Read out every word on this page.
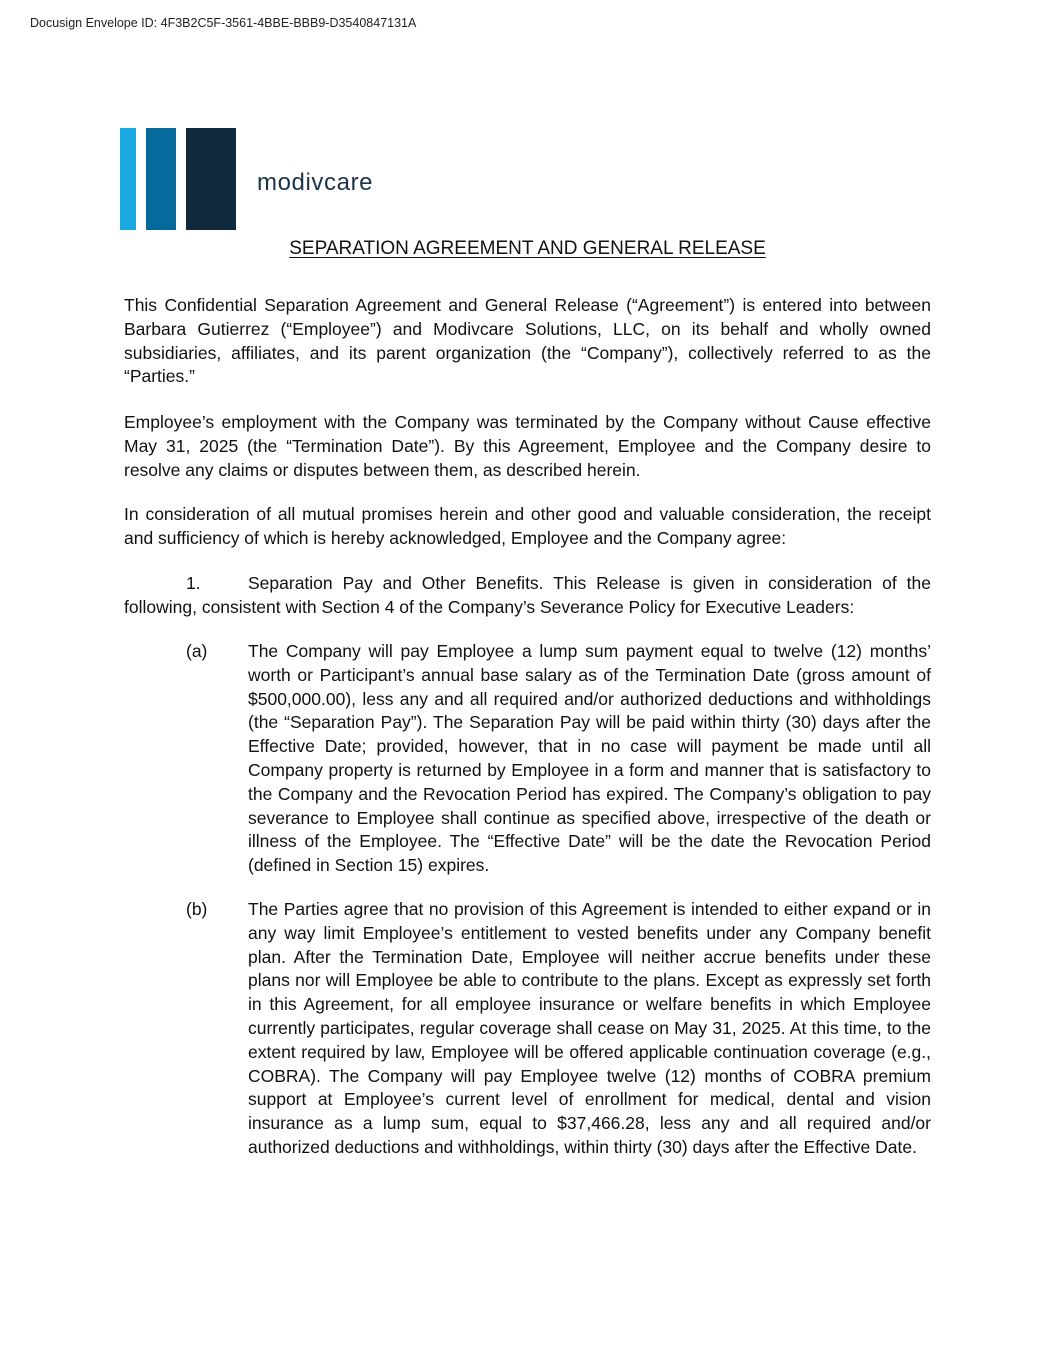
Docusign Envelope ID: 4F3B2C5F-3561-4BBE-BBB9-D3540847131A
modivcare
SEPARATION AGREEMENT AND GENERAL RELEASE

This Confidential Separation Agreement and General Release (“Agreement”) is entered into between Barbara Gutierrez (“Employee”) and Modivcare Solutions, LLC, on its behalf and wholly owned subsidiaries, affiliates, and its parent organization (the “Company”), collectively referred to as the “Parties.”

Employee’s employment with the Company was terminated by the Company without Cause effective May 31, 2025 (the “Termination Date”). By this Agreement, Employee and the Company desire to resolve any claims or disputes between them, as described herein.

In consideration of all mutual promises herein and other good and valuable consideration, the receipt and sufficiency of which is hereby acknowledged, Employee and the Company agree:

1.	Separation Pay and Other Benefits. This Release is given in consideration of the following, consistent with Section 4 of the Company’s Severance Policy for Executive Leaders:

(a) The Company will pay Employee a lump sum payment equal to twelve (12) months’ worth or Participant’s annual base salary as of the Termination Date (gross amount of $500,000.00), less any and all required and/or authorized deductions and withholdings (the “Separation Pay”). The Separation Pay will be paid within thirty (30) days after the Effective Date; provided, however, that in no case will payment be made until all Company property is returned by Employee in a form and manner that is satisfactory to the Company and the Revocation Period has expired. The Company’s obligation to pay severance to Employee shall continue as specified above, irrespective of the death or illness of the Employee. The “Effective Date” will be the date the Revocation Period (defined in Section 15) expires.

(b) The Parties agree that no provision of this Agreement is intended to either expand or in any way limit Employee’s entitlement to vested benefits under any Company benefit plan. After the Termination Date, Employee will neither accrue benefits under these plans nor will Employee be able to contribute to the plans. Except as expressly set forth in this Agreement, for all employee insurance or welfare benefits in which Employee currently participates, regular coverage shall cease on May 31, 2025. At this time, to the extent required by law, Employee will be offered applicable continuation coverage (e.g., COBRA). The Company will pay Employee twelve (12) months of COBRA premium support at Employee’s current level of enrollment for medical, dental and vision insurance as a lump sum, equal to $37,466.28, less any and all required and/or authorized deductions and withholdings, within thirty (30) days after the Effective Date.
